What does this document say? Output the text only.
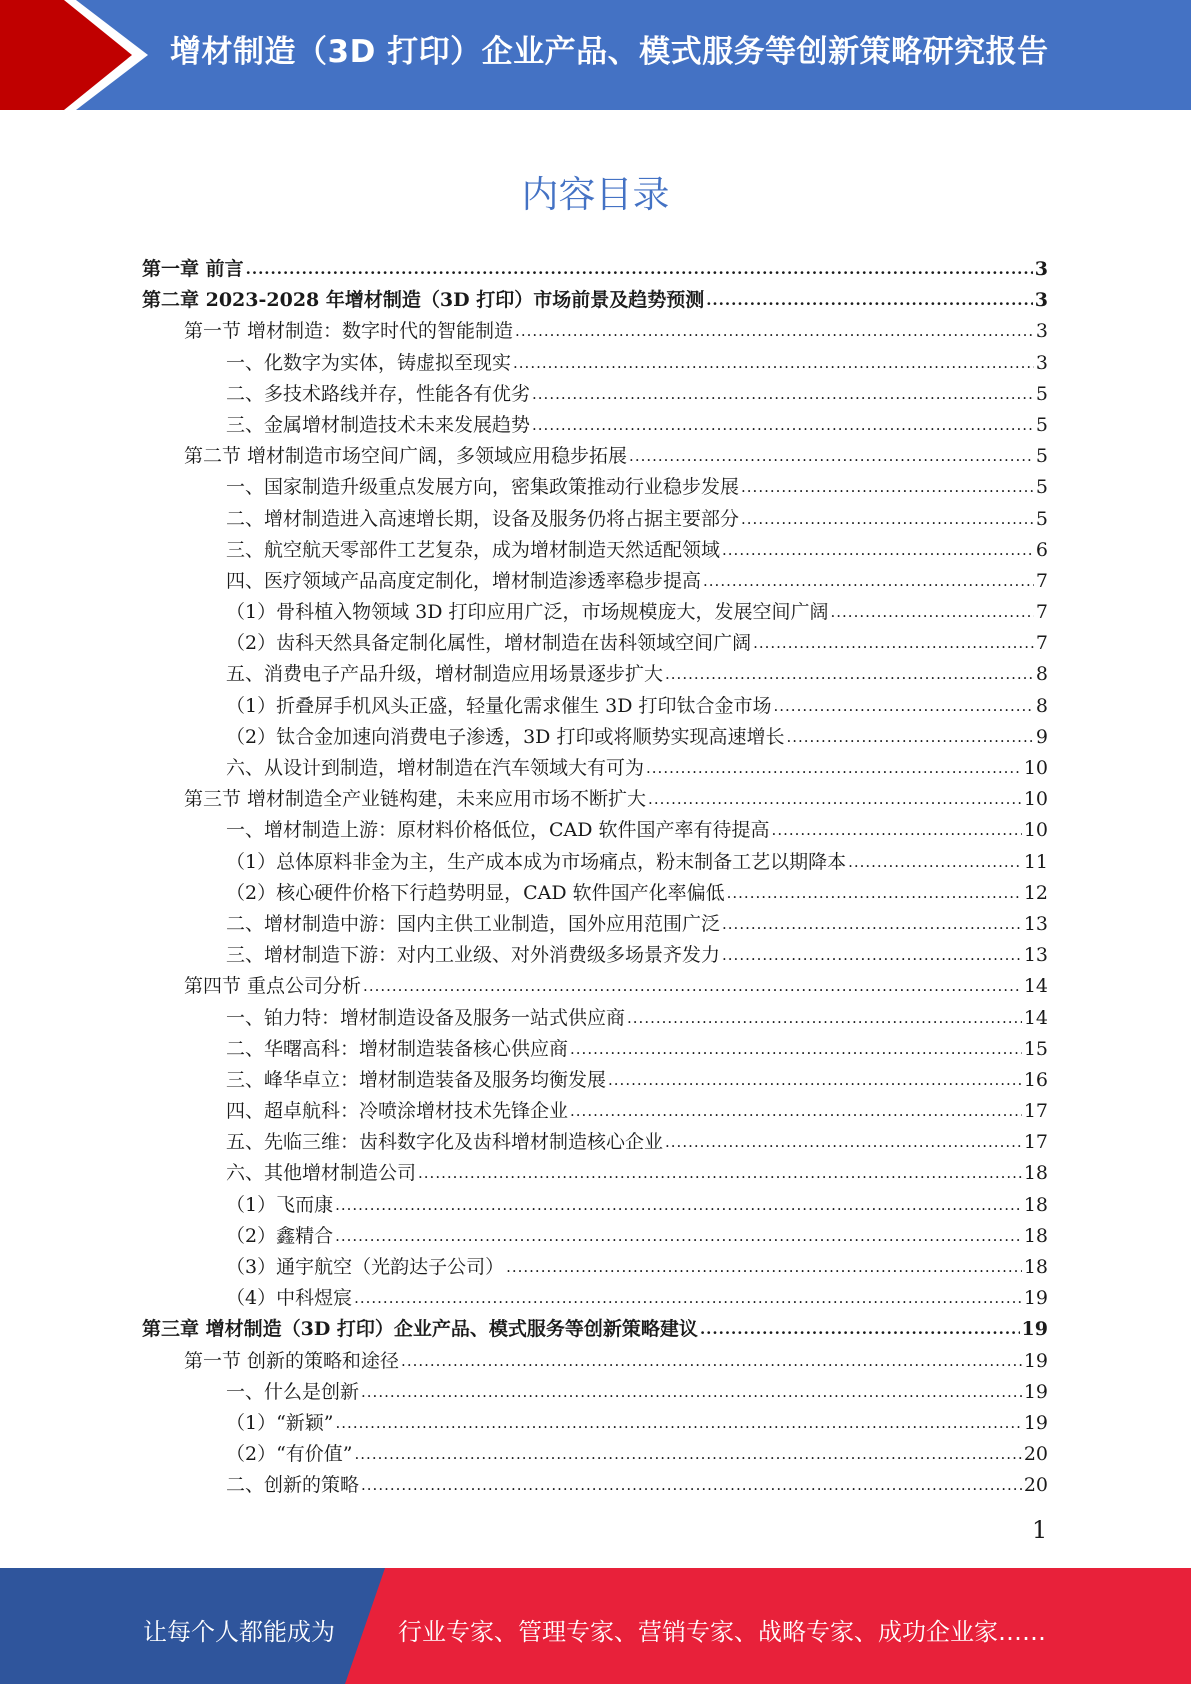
增材制造（3D 打印）企业产品、模式服务等创新策略研究报告
内容目录
第一章 前言 .....	3
第二章 2023-2028 年增材制造（3D 打印）市场前景及趋势预测 .....	3
第一节 增材制造：数字时代的智能制造 .....	3
一、化数字为实体，铸虚拟至现实 .....	3
二、多技术路线并存，性能各有优劣 .....	5
三、金属增材制造技术未来发展趋势 .....	5
第二节 增材制造市场空间广阔，多领域应用稳步拓展 .....	5
一、国家制造升级重点发展方向，密集政策推动行业稳步发展 .....	5
二、增材制造进入高速增长期，设备及服务仍将占据主要部分 .....	5
三、航空航天零部件工艺复杂，成为增材制造天然适配领域 .....	6
四、医疗领域产品高度定制化，增材制造渗透率稳步提高 .....	7
（1）骨科植入物领域 3D 打印应用广泛，市场规模庞大，发展空间广阔 .....	7
（2）齿科天然具备定制化属性，增材制造在齿科领域空间广阔 .....	7
五、消费电子产品升级，增材制造应用场景逐步扩大 .....	8
（1）折叠屏手机风头正盛，轻量化需求催生 3D 打印钛合金市场 .....	8
（2）钛合金加速向消费电子渗透，3D 打印或将顺势实现高速增长 .....	9
六、从设计到制造，增材制造在汽车领域大有可为 .....	10
第三节 增材制造全产业链构建，未来应用市场不断扩大 .....	10
一、增材制造上游：原材料价格低位，CAD 软件国产率有待提高 .....	10
（1）总体原料非金为主，生产成本成为市场痛点，粉末制备工艺以期降本 .....	11
（2）核心硬件价格下行趋势明显，CAD 软件国产化率偏低 .....	12
二、增材制造中游：国内主供工业制造，国外应用范围广泛 .....	13
三、增材制造下游：对内工业级、对外消费级多场景齐发力 .....	13
第四节 重点公司分析 .....	14
一、铂力特：增材制造设备及服务一站式供应商 .....	14
二、华曙高科：增材制造装备核心供应商 .....	15
三、峰华卓立：增材制造装备及服务均衡发展 .....	16
四、超卓航科：冷喷涂增材技术先锋企业 .....	17
五、先临三维：齿科数字化及齿科增材制造核心企业 .....	17
六、其他增材制造公司 .....	18
（1）飞而康 .....	18
（2）鑫精合 .....	18
（3）通宇航空（光韵达子公司） .....	18
（4）中科煜宸 .....	19
第三章 增材制造（3D 打印）企业产品、模式服务等创新策略建议 .....	19
第一节 创新的策略和途径 .....	19
一、什么是创新 .....	19
（1）“新颖” .....	19
（2）“有价值” .....	20
二、创新的策略 .....	20
1
让每个人都能成为	行业专家、管理专家、营销专家、战略专家、成功企业家……
